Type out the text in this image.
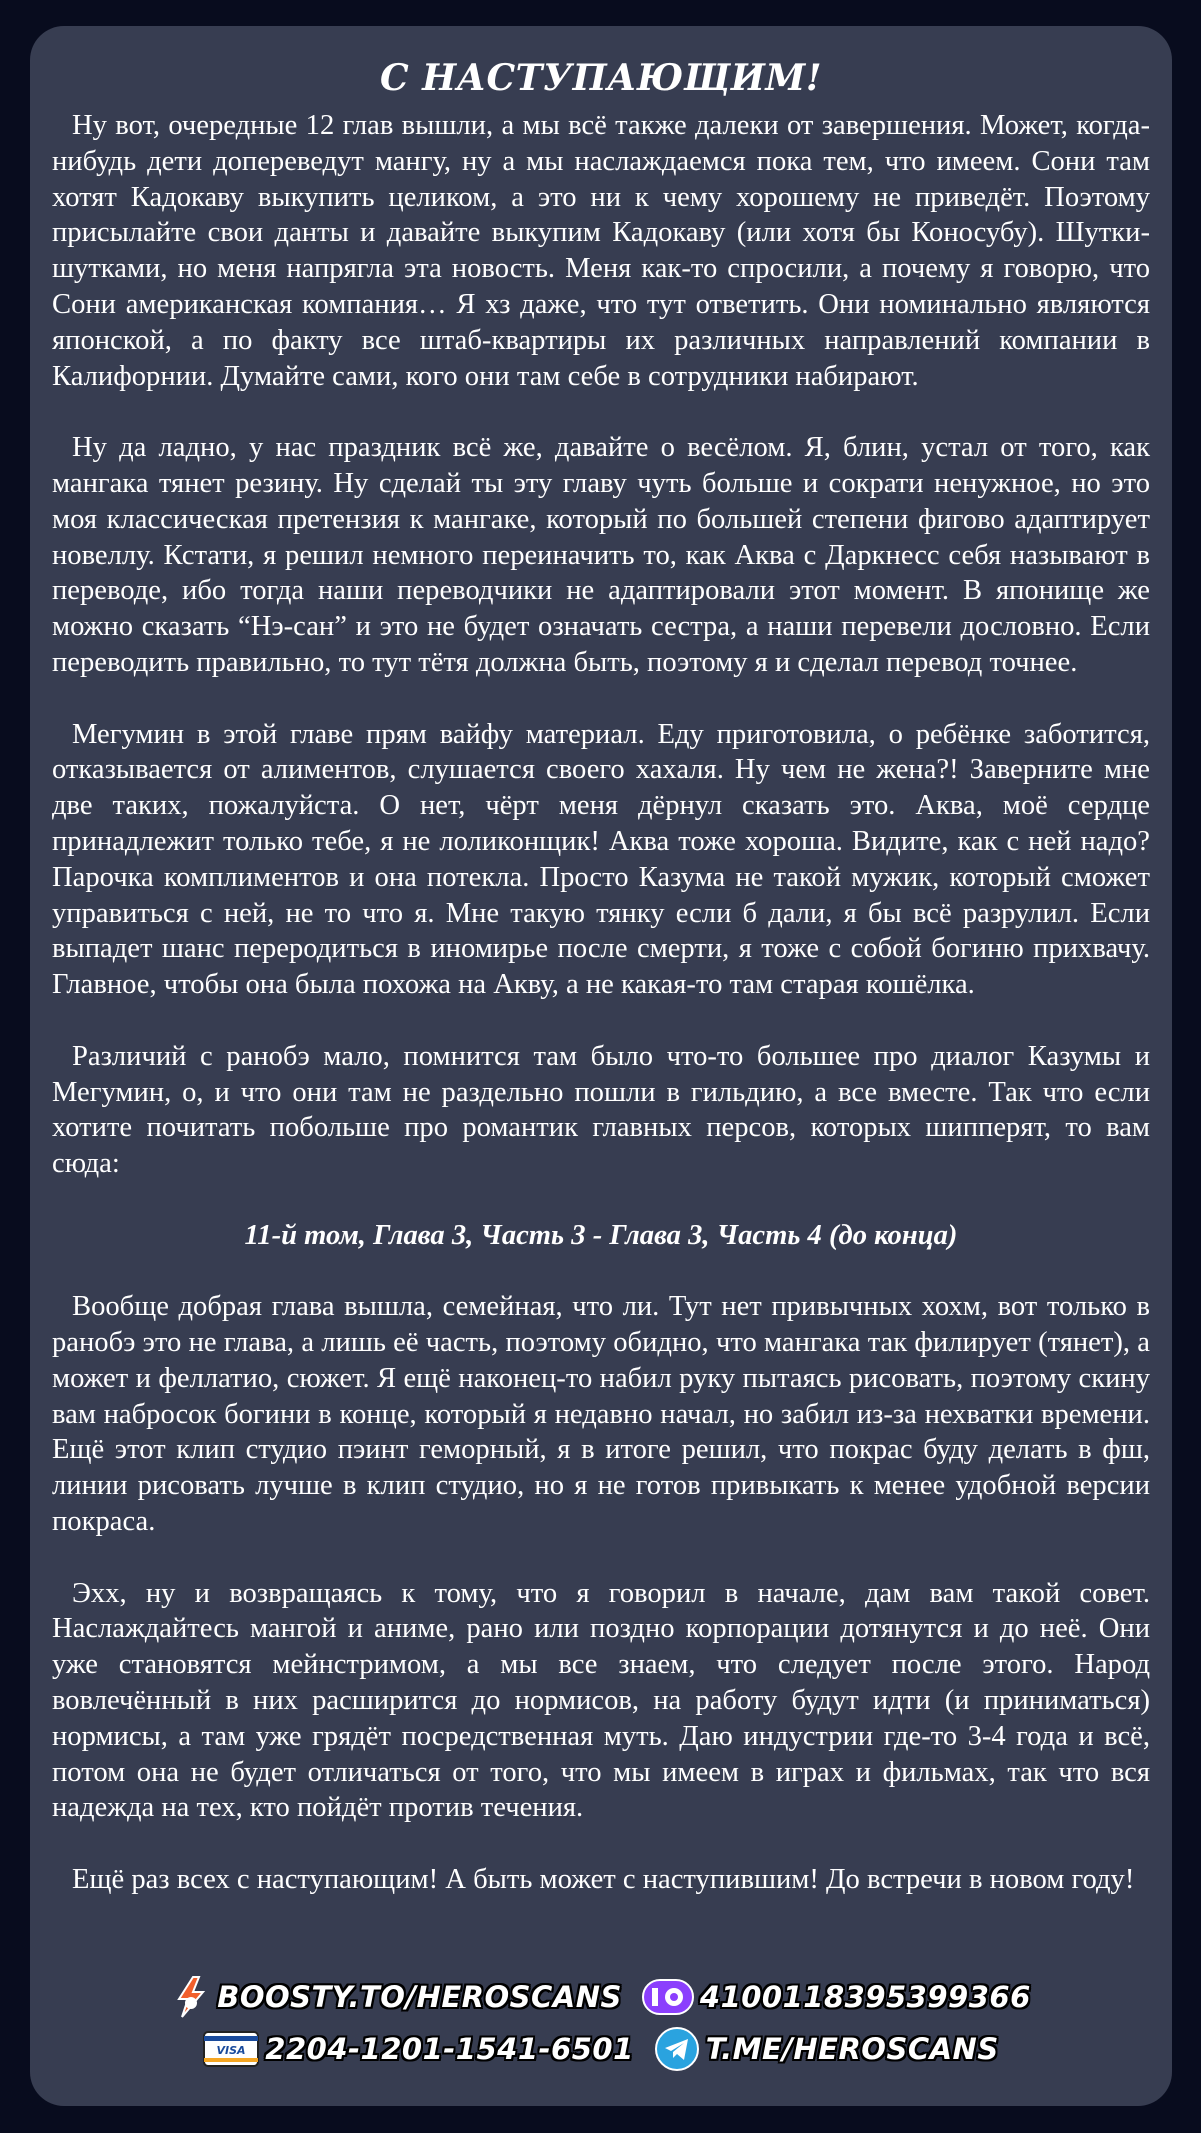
С НАСТУПАЮЩИМ!

Ну вот, очередные 12 глав вышли, а мы всё также далеки от завершения. Может, когда-нибудь дети допереведут мангу, ну а мы наслаждаемся пока тем, что имеем. Сони там хотят Кадокаву выкупить целиком, а это ни к чему хорошему не приведёт. Поэтому присылайте свои данты и давайте выкупим Кадокаву (или хотя бы Коносубу). Шутки-шутками, но меня напрягла эта новость. Меня как-то спросили, а почему я говорю, что Сони американская компания… Я хз даже, что тут ответить. Они номинально являются японской, а по факту все штаб-квартиры их различных направлений компании в Калифорнии. Думайте сами, кого они там себе в сотрудники набирают.

Ну да ладно, у нас праздник всё же, давайте о весёлом. Я, блин, устал от того, как мангака тянет резину. Ну сделай ты эту главу чуть больше и сократи ненужное, но это моя классическая претензия к мангаке, который по большей степени фигово адаптирует новеллу. Кстати, я решил немного переиначить то, как Аква с Даркнесс себя называют в переводе, ибо тогда наши переводчики не адаптировали этот момент. В японище же можно сказать “Нэ-сан” и это не будет означать сестра, а наши перевели дословно. Если переводить правильно, то тут тётя должна быть, поэтому я и сделал перевод точнее.

Мегумин в этой главе прям вайфу материал. Еду приготовила, о ребёнке заботится, отказывается от алиментов, слушается своего хахаля. Ну чем не жена?! Заверните мне две таких, пожалуйста. О нет, чёрт меня дёрнул сказать это. Аква, моё сердце принадлежит только тебе, я не лоликонщик! Аква тоже хороша. Видите, как с ней надо? Парочка комплиментов и она потекла. Просто Казума не такой мужик, который сможет управиться с ней, не то что я. Мне такую тянку если б дали, я бы всё разрулил. Если выпадет шанс переродиться в иномирье после смерти, я тоже с собой богиню прихвачу. Главное, чтобы она была похожа на Акву, а не какая-то там старая кошёлка.

Различий с ранобэ мало, помнится там было что-то большее про диалог Казумы и Мегумин, о, и что они там не раздельно пошли в гильдию, а все вместе. Так что если хотите почитать побольше про романтик главных персов, которых шипперят, то вам сюда:

11-й том, Глава 3, Часть 3 - Глава 3, Часть 4 (до конца)

Вообще добрая глава вышла, семейная, что ли. Тут нет привычных хохм, вот только в ранобэ это не глава, а лишь её часть, поэтому обидно, что мангака так филирует (тянет), а может и феллатио, сюжет. Я ещё наконец-то набил руку пытаясь рисовать, поэтому скину вам набросок богини в конце, который я недавно начал, но забил из-за нехватки времени. Ещё этот клип студио пэинт геморный, я в итоге решил, что покрас буду делать в фш, линии рисовать лучше в клип студио, но я не готов привыкать к менее удобной версии покраса.

Эхх, ну и возвращаясь к тому, что я говорил в начале, дам вам такой совет. Наслаждайтесь мангой и аниме, рано или поздно корпорации дотянутся и до неё. Они уже становятся мейнстримом, а мы все знаем, что следует после этого. Народ вовлечённый в них расширится до нормисов, на работу будут идти (и приниматься) нормисы, а там уже грядёт посредственная муть. Даю индустрии где-то 3-4 года и всё, потом она не будет отличаться от того, что мы имеем в играх и фильмах, так что вся надежда на тех, кто пойдёт против течения.

Ещё раз всех с наступающим! А быть может с наступившим! До встречи в новом году!

BOOSTY.TO/HEROSCANS	4100118395399366
VISA 2204-1201-1541-6501 T.ME/HEROSCANS
